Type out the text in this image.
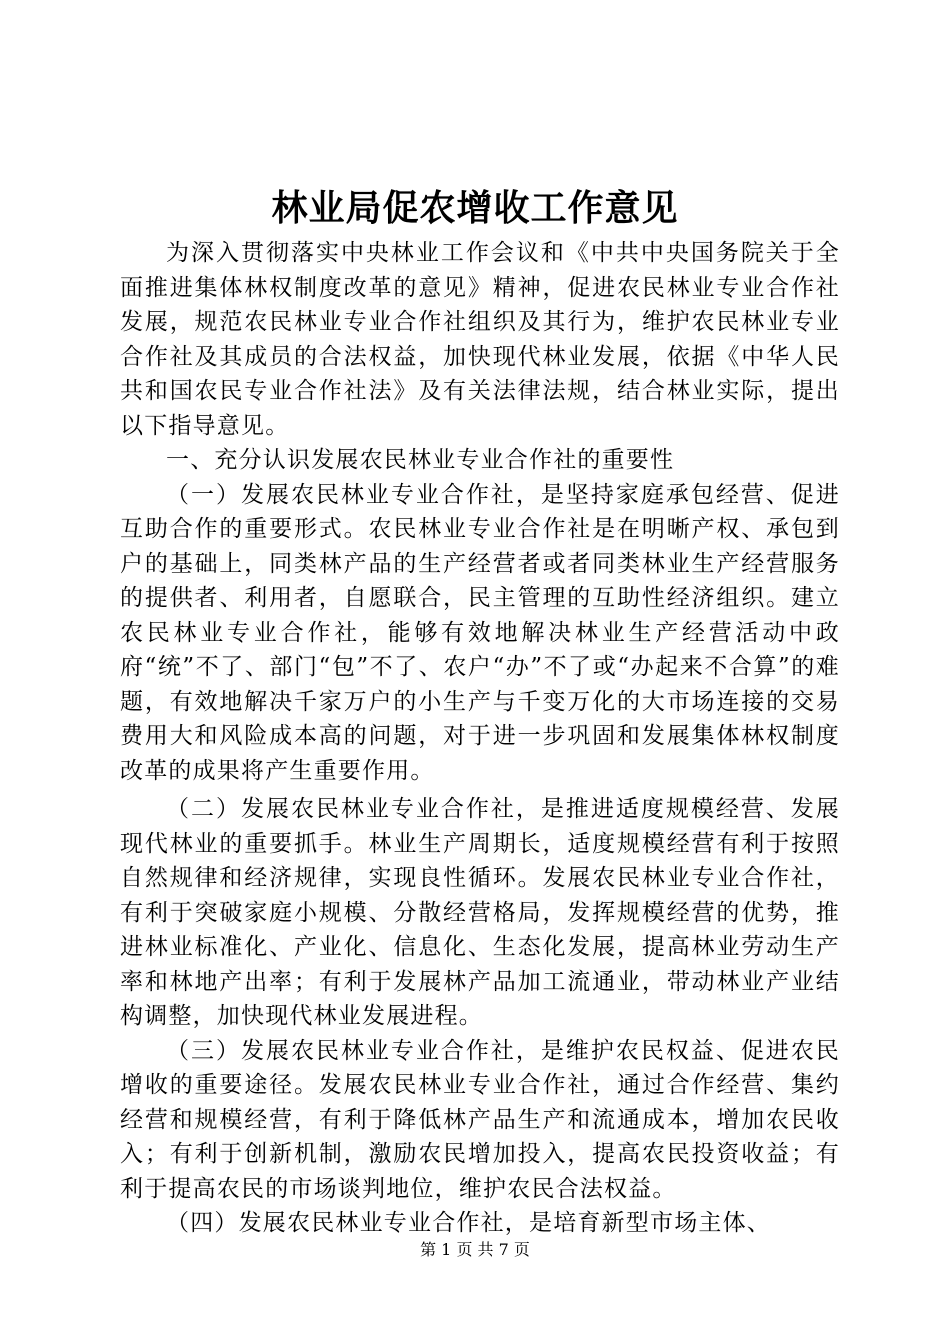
林业局促农增收工作意见

为深入贯彻落实中央林业工作会议和《中共中央国务院关于全面推进集体林权制度改革的意见》精神，促进农民林业专业合作社发展，规范农民林业专业合作社组织及其行为，维护农民林业专业合作社及其成员的合法权益，加快现代林业发展，依据《中华人民共和国农民专业合作社法》及有关法律法规，结合林业实际，提出以下指导意见。

一、充分认识发展农民林业专业合作社的重要性

（一）发展农民林业专业合作社，是坚持家庭承包经营、促进互助合作的重要形式。农民林业专业合作社是在明晰产权、承包到户的基础上，同类林产品的生产经营者或者同类林业生产经营服务的提供者、利用者，自愿联合，民主管理的互助性经济组织。建立农民林业专业合作社，能够有效地解决林业生产经营活动中政府“统”不了、部门“包”不了、农户“办”不了或“办起来不合算”的难题，有效地解决千家万户的小生产与千变万化的大市场连接的交易费用大和风险成本高的问题，对于进一步巩固和发展集体林权制度改革的成果将产生重要作用。

（二）发展农民林业专业合作社，是推进适度规模经营、发展现代林业的重要抓手。林业生产周期长，适度规模经营有利于按照自然规律和经济规律，实现良性循环。发展农民林业专业合作社，有利于突破家庭小规模、分散经营格局，发挥规模经营的优势，推进林业标准化、产业化、信息化、生态化发展，提高林业劳动生产率和林地产出率；有利于发展林产品加工流通业，带动林业产业结构调整，加快现代林业发展进程。

（三）发展农民林业专业合作社，是维护农民权益、促进农民增收的重要途径。发展农民林业专业合作社，通过合作经营、集约经营和规模经营，有利于降低林产品生产和流通成本，增加农民收入；有利于创新机制，激励农民增加投入，提高农民投资收益；有利于提高农民的市场谈判地位，维护农民合法权益。

（四）发展农民林业专业合作社，是培育新型市场主体、

第 1 页 共 7 页
